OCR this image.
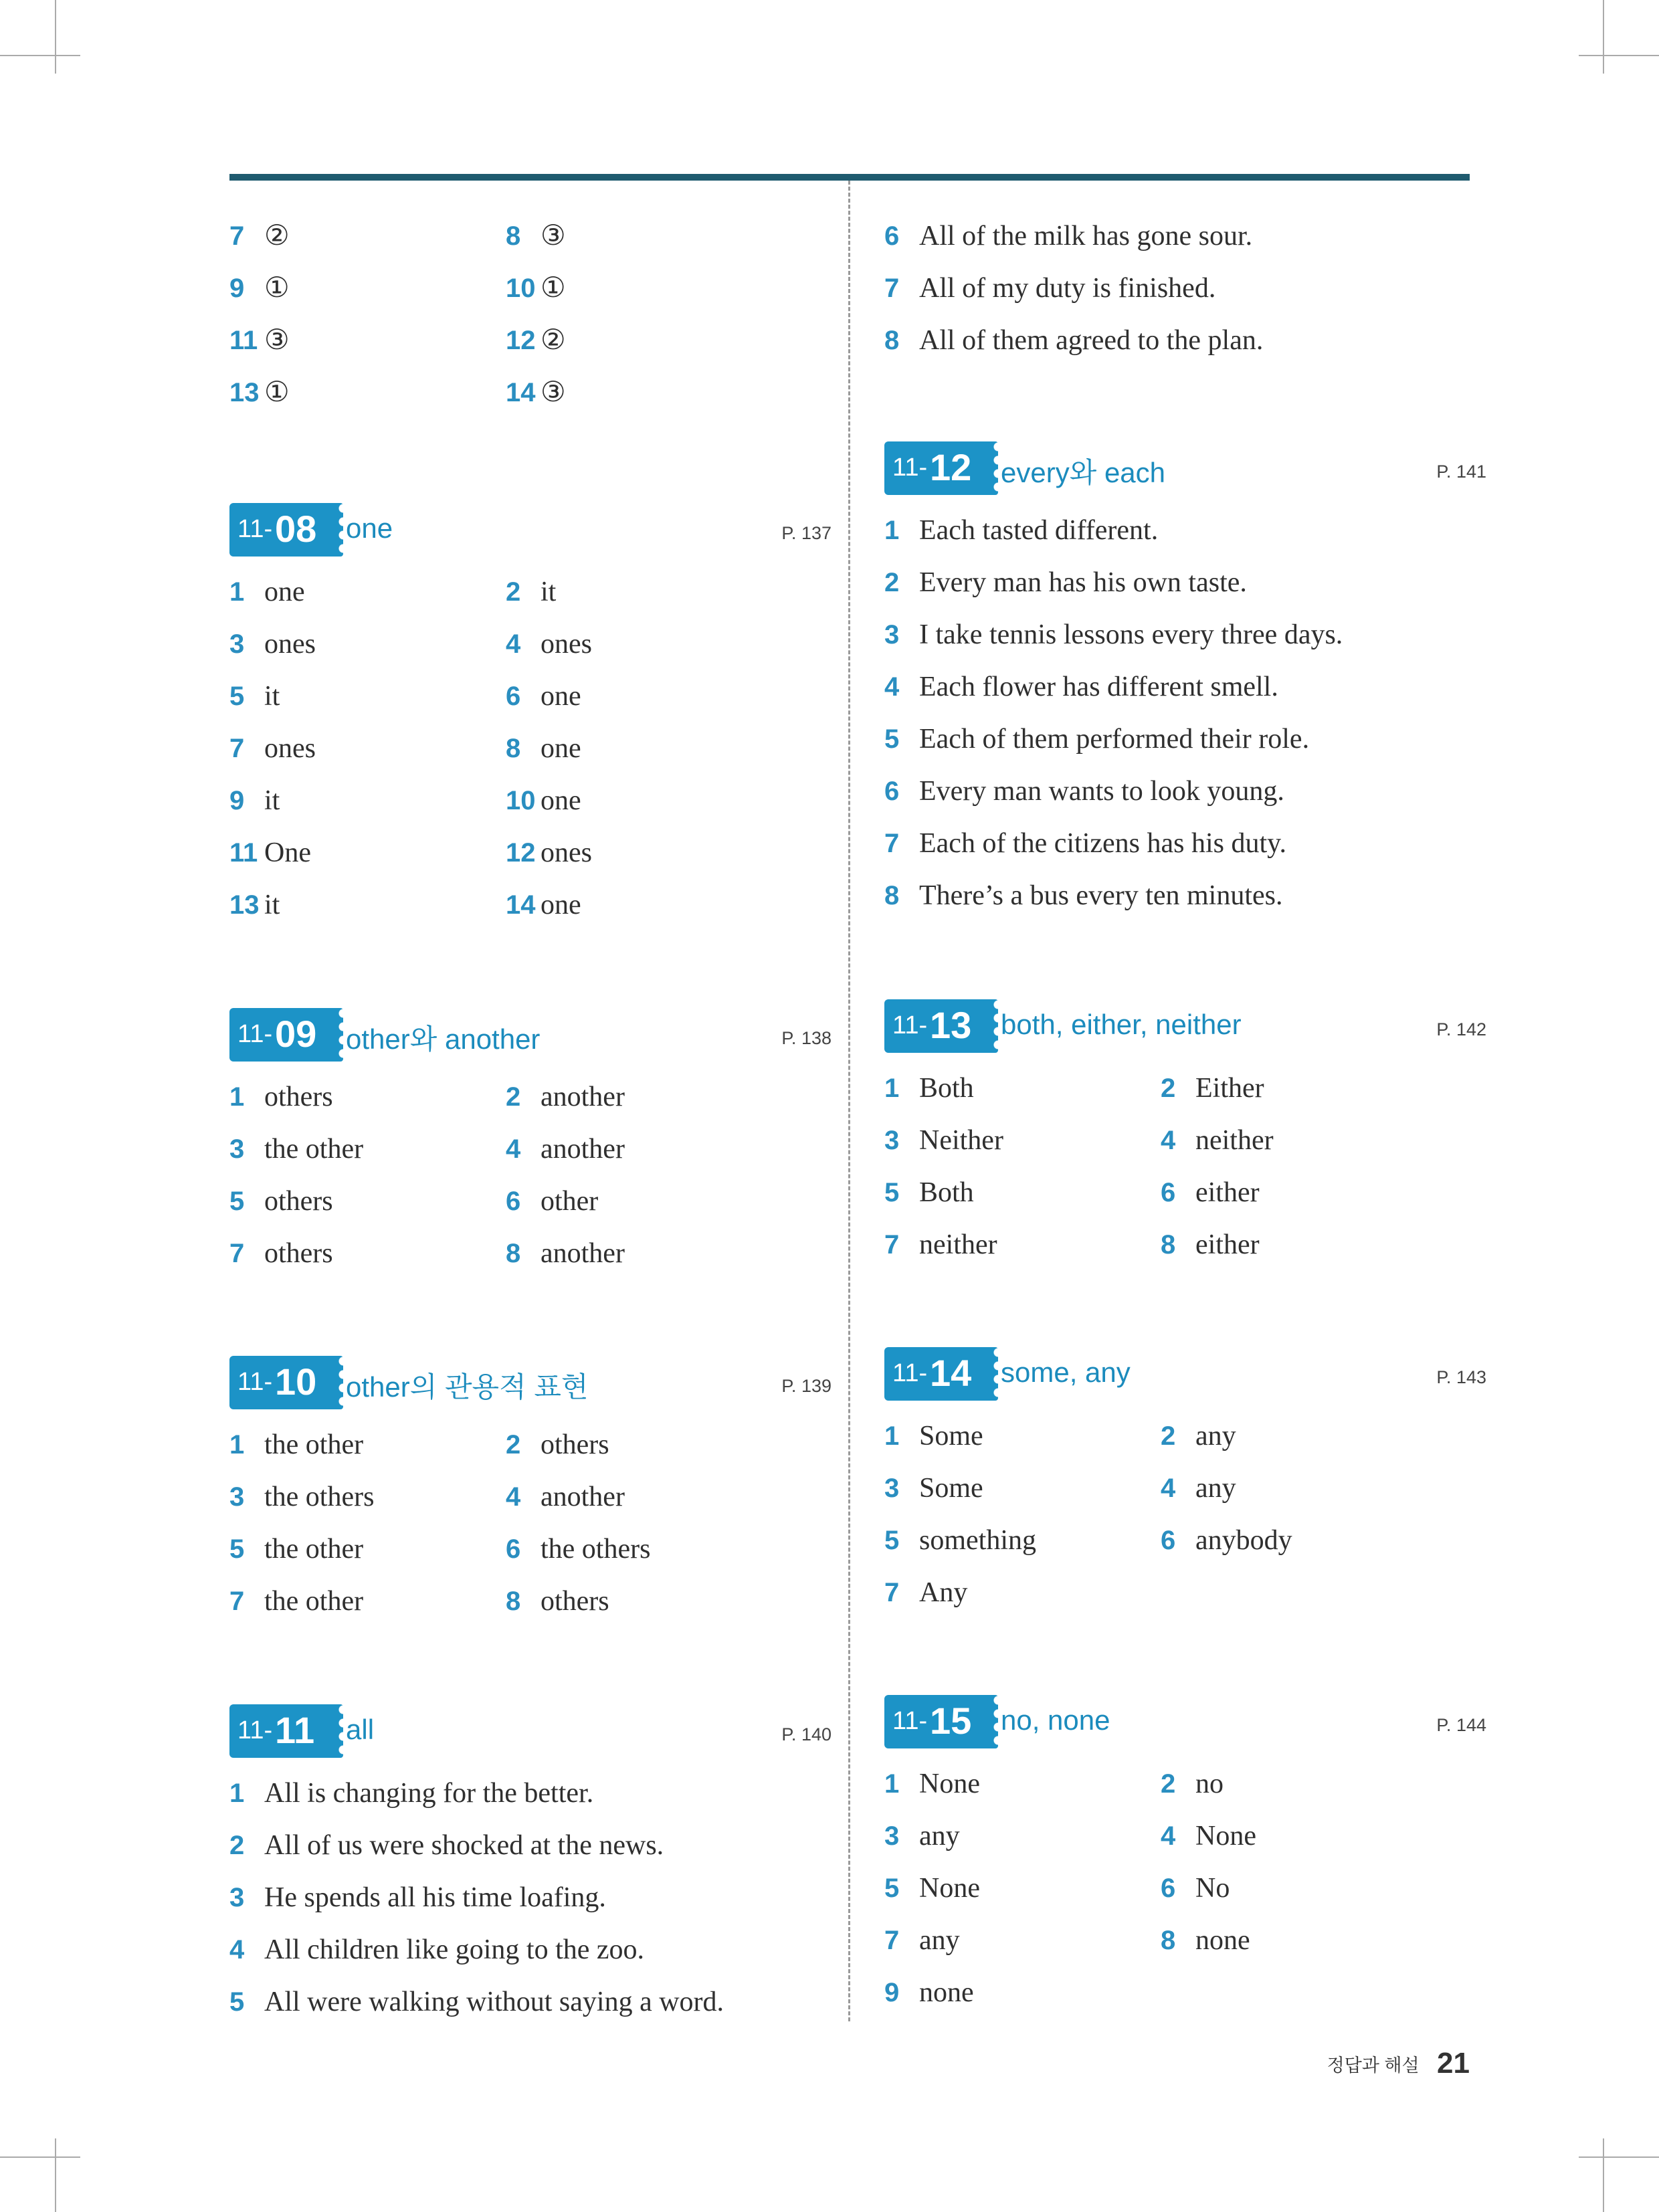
7 ②	8 ③
9 ①	10 ①
11 ③	12 ②
13 ①	14 ③
11- 08 one	P. 137
1 one	2 it
3 ones	4 ones
5 it	6 one
7 ones	8 one
9 it	10 one
11 One	12 ones
13 it	14 one
11- 09 other와 another	P. 138
1 others	2 another
3 the other	4 another
5 others	6 other
7 others	8 another
11- 10 other의 관용적 표현	P. 139
1 the other	2 others
3 the others	4 another
5 the other	6 the others
7 the other	8 others
11- 11 all	P. 140
1 All is changing for the better.
2 All of us were shocked at the news.
3 He spends all his time loafing.
4 All children like going to the zoo.
5 All were walking without saying a word.
6 All of the milk has gone sour.
7 All of my duty is finished.
8 All of them agreed to the plan.
11- 12 every와 each	P. 141
1 Each tasted different.
2 Every man has his own taste.
3 I take tennis lessons every three days.
4 Each flower has different smell.
5 Each of them performed their role.
6 Every man wants to look young.
7 Each of the citizens has his duty.
8 There’s a bus every ten minutes.
11- 13 both, either, neither	P. 142
1 Both	2 Either
3 Neither	4 neither
5 Both	6 either
7 neither	8 either
11- 14 some, any	P. 143
1 Some	2 any
3 Some	4 any
5 something	6 anybody
7 Any
11- 15 no, none	P. 144
1 None	2 no
3 any	4 None
5 None	6 No
7 any	8 none
9 none
정답과 해설 21
